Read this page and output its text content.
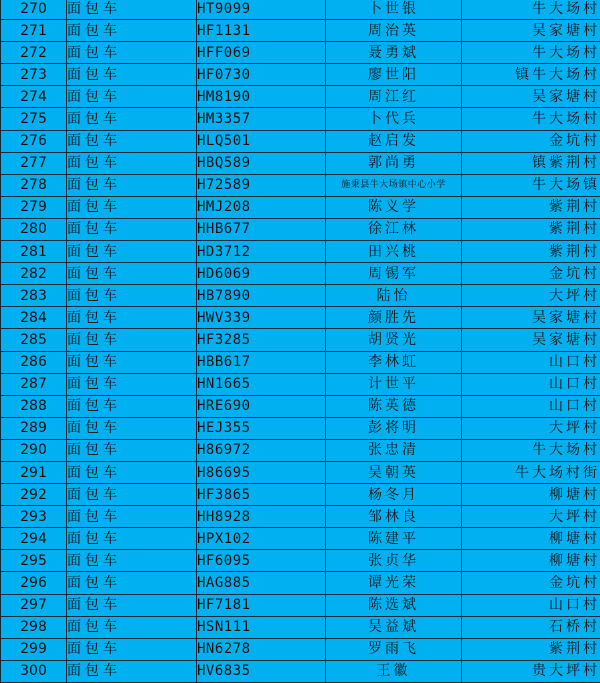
270	面包车	HT9099	卜世银	牛大场村
271	面包车	HF1131	周治英	吴家塘村
272	面包车	HFF069	聂勇斌	牛大场村
273	面包车	HF0730	廖世阳	镇牛大场村
274	面包车	HM8190	周江红	吴家塘村
275	面包车	HM3357	卜代兵	牛大场村
276	面包车	HLQ501	赵启发	金坑村
277	面包车	HBQ589	郭尚勇	镇紫荆村
278	面包车	H72589	施秉县牛大场镇中心小学	牛大场镇
279	面包车	HMJ208	陈义学	紫荆村
280	面包车	HHB677	徐江林	紫荆村
281	面包车	HD3712	田兴桃	紫荆村
282	面包车	HD6069	周锡军	金坑村
283	面包车	HB7890	陆怡	大坪村
284	面包车	HWV339	颜胜先	吴家塘村
285	面包车	HF3285	胡贤光	吴家塘村
286	面包车	HBB617	李林虹	山口村
287	面包车	HN1665	计世平	山口村
288	面包车	HRE690	陈英德	山口村
289	面包车	HEJ355	彭将明	大坪村
290	面包车	H86972	张忠清	牛大场村
291	面包车	H86695	吴朝英	牛大场村街
292	面包车	HF3865	杨冬月	柳塘村
293	面包车	HH8928	邹林良	大坪村
294	面包车	HPX102	陈建平	柳塘村
295	面包车	HF6095	张贞华	柳塘村
296	面包车	HAG885	谭光荣	金坑村
297	面包车	HF7181	陈选斌	山口村
298	面包车	HSN111	吴益斌	石桥村
299	面包车	HN6278	罗雨飞	紫荆村
300	面包车	HV6835	王徽	贵大坪村
